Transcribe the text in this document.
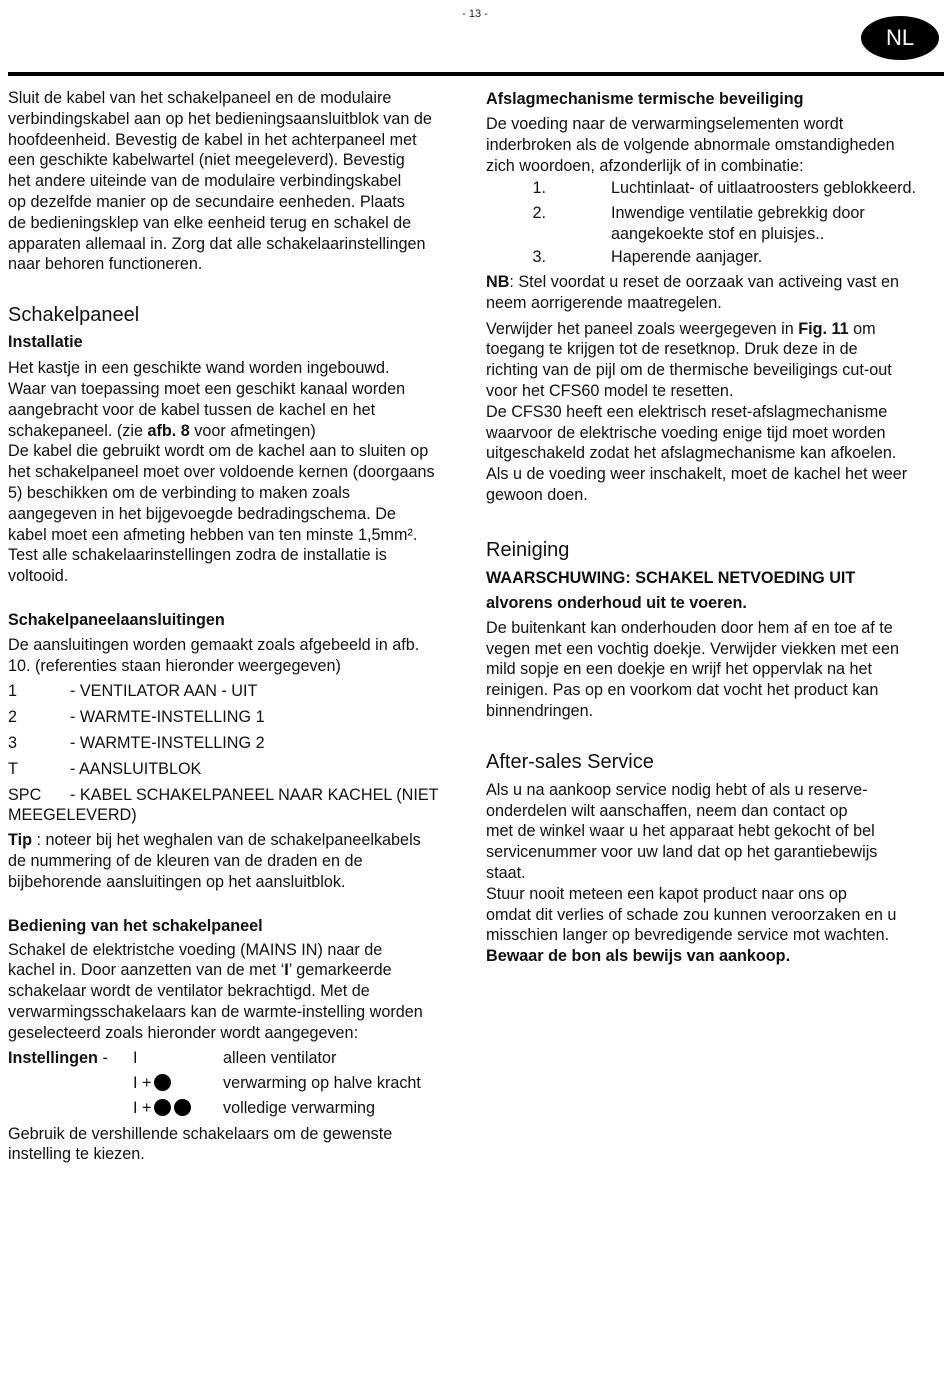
- 13 -
NL

Sluit de kabel van het schakelpaneel en de modulaire

verbindingskabel aan op het bedieningsaansluitblok van de

hoofdeenheid. Bevestig de kabel in het achterpaneel met

een geschikte kabelwartel (niet meegeleverd). Bevestig

het andere uiteinde van de modulaire verbindingskabel

op dezelfde manier op de secundaire eenheden. Plaats

de bedieningsklep van elke eenheid terug en schakel de

apparaten allemaal in. Zorg dat alle schakelaarinstellingen

naar behoren functioneren.

Schakelpaneel
Installatie

Het kastje in een geschikte wand worden ingebouwd.

Waar van toepassing moet een geschikt kanaal worden

aangebracht voor de kabel tussen de kachel en het

schakepaneel. (zie afb. 8 voor afmetingen)

De kabel die gebruikt wordt om de kachel aan to sluiten op

het schakelpaneel moet over voldoende kernen (doorgaans

5) beschikken om de verbinding to maken zoals

aangegeven in het bijgevoegde bedradingschema. De

kabel moet een afmeting hebben van ten minste 1,5mm².

Test alle schakelaarinstellingen zodra de installatie is

voltooid.

Schakelpaneelaansluitingen

De aansluitingen worden gemaakt zoals afgebeeld in afb.

10. (referenties staan hieronder weergegeven)

1	- VENTILATOR AAN - UIT
2	- WARMTE-INSTELLING 1
3	- WARMTE-INSTELLING 2
T	- AANSLUITBLOK

SPC	- KABEL SCHAKELPANEEL NAAR KACHEL (NIET

MEEGELEVERD)

Tip : noteer bij het weghalen van de schakelpaneelkabels

de nummering of de kleuren van de draden en de

bijbehorende aansluitingen op het aansluitblok.

Bediening van het schakelpaneel

Schakel de elektristche voeding (MAINS IN) naar de

kachel in. Door aanzetten van de met ‘I’ gemarkeerde

schakelaar wordt de ventilator bekrachtigd. Met de

verwarmingsschakelaars kan de warmte-instelling worden

geselecteerd zoals hieronder wordt aangegeven:

Instellingen -	I	alleen ventilator
I +	verwarming op halve kracht
I +	volledige verwarming

Gebruik de vershillende schakelaars om de gewenste

instelling te kiezen.

Afslagmechanisme termische beveiliging

De voeding naar de verwarmingselementen wordt

inderbroken als de volgende abnormale omstandigheden

zich woordoen, afzonderlijk of in combinatie:

1.	Luchtinlaat- of uitlaatroosters geblokkeerd.
2.	Inwendige ventilatie gebrekkig door
aangekoekte stof en pluisjes..
3.	Haperende aanjager.

NB: Stel voordat u reset de oorzaak van activeing vast en

neem aorrigerende maatregelen.

Verwijder het paneel zoals weergegeven in Fig. 11 om

toegang te krijgen tot de resetknop. Druk deze in de

richting van de pijl om de thermische beveiligings cut-out

voor het CFS60 model te resetten.

De CFS30 heeft een elektrisch reset-afslagmechanisme

waarvoor de elektrische voeding enige tijd moet worden

uitgeschakeld zodat het afslagmechanisme kan afkoelen.

Als u de voeding weer inschakelt, moet de kachel het weer

gewoon doen.

Reiniging
WAARSCHUWING: SCHAKEL NETVOEDING UIT
alvorens onderhoud uit te voeren.

De buitenkant kan onderhouden door hem af en toe af te

vegen met een vochtig doekje. Verwijder viekken met een

mild sopje en een doekje en wrijf het oppervlak na het

reinigen. Pas op en voorkom dat vocht het product kan

binnendringen.

After-sales Service

Als u na aankoop service nodig hebt of als u reserve-

onderdelen wilt aanschaffen, neem dan contact op

met de winkel waar u het apparaat hebt gekocht of bel

servicenummer voor uw land dat op het garantiebewijs

staat.

Stuur nooit meteen een kapot product naar ons op

omdat dit verlies of schade zou kunnen veroorzaken en u

misschien langer op bevredigende service mot wachten.

Bewaar de bon als bewijs van aankoop.
